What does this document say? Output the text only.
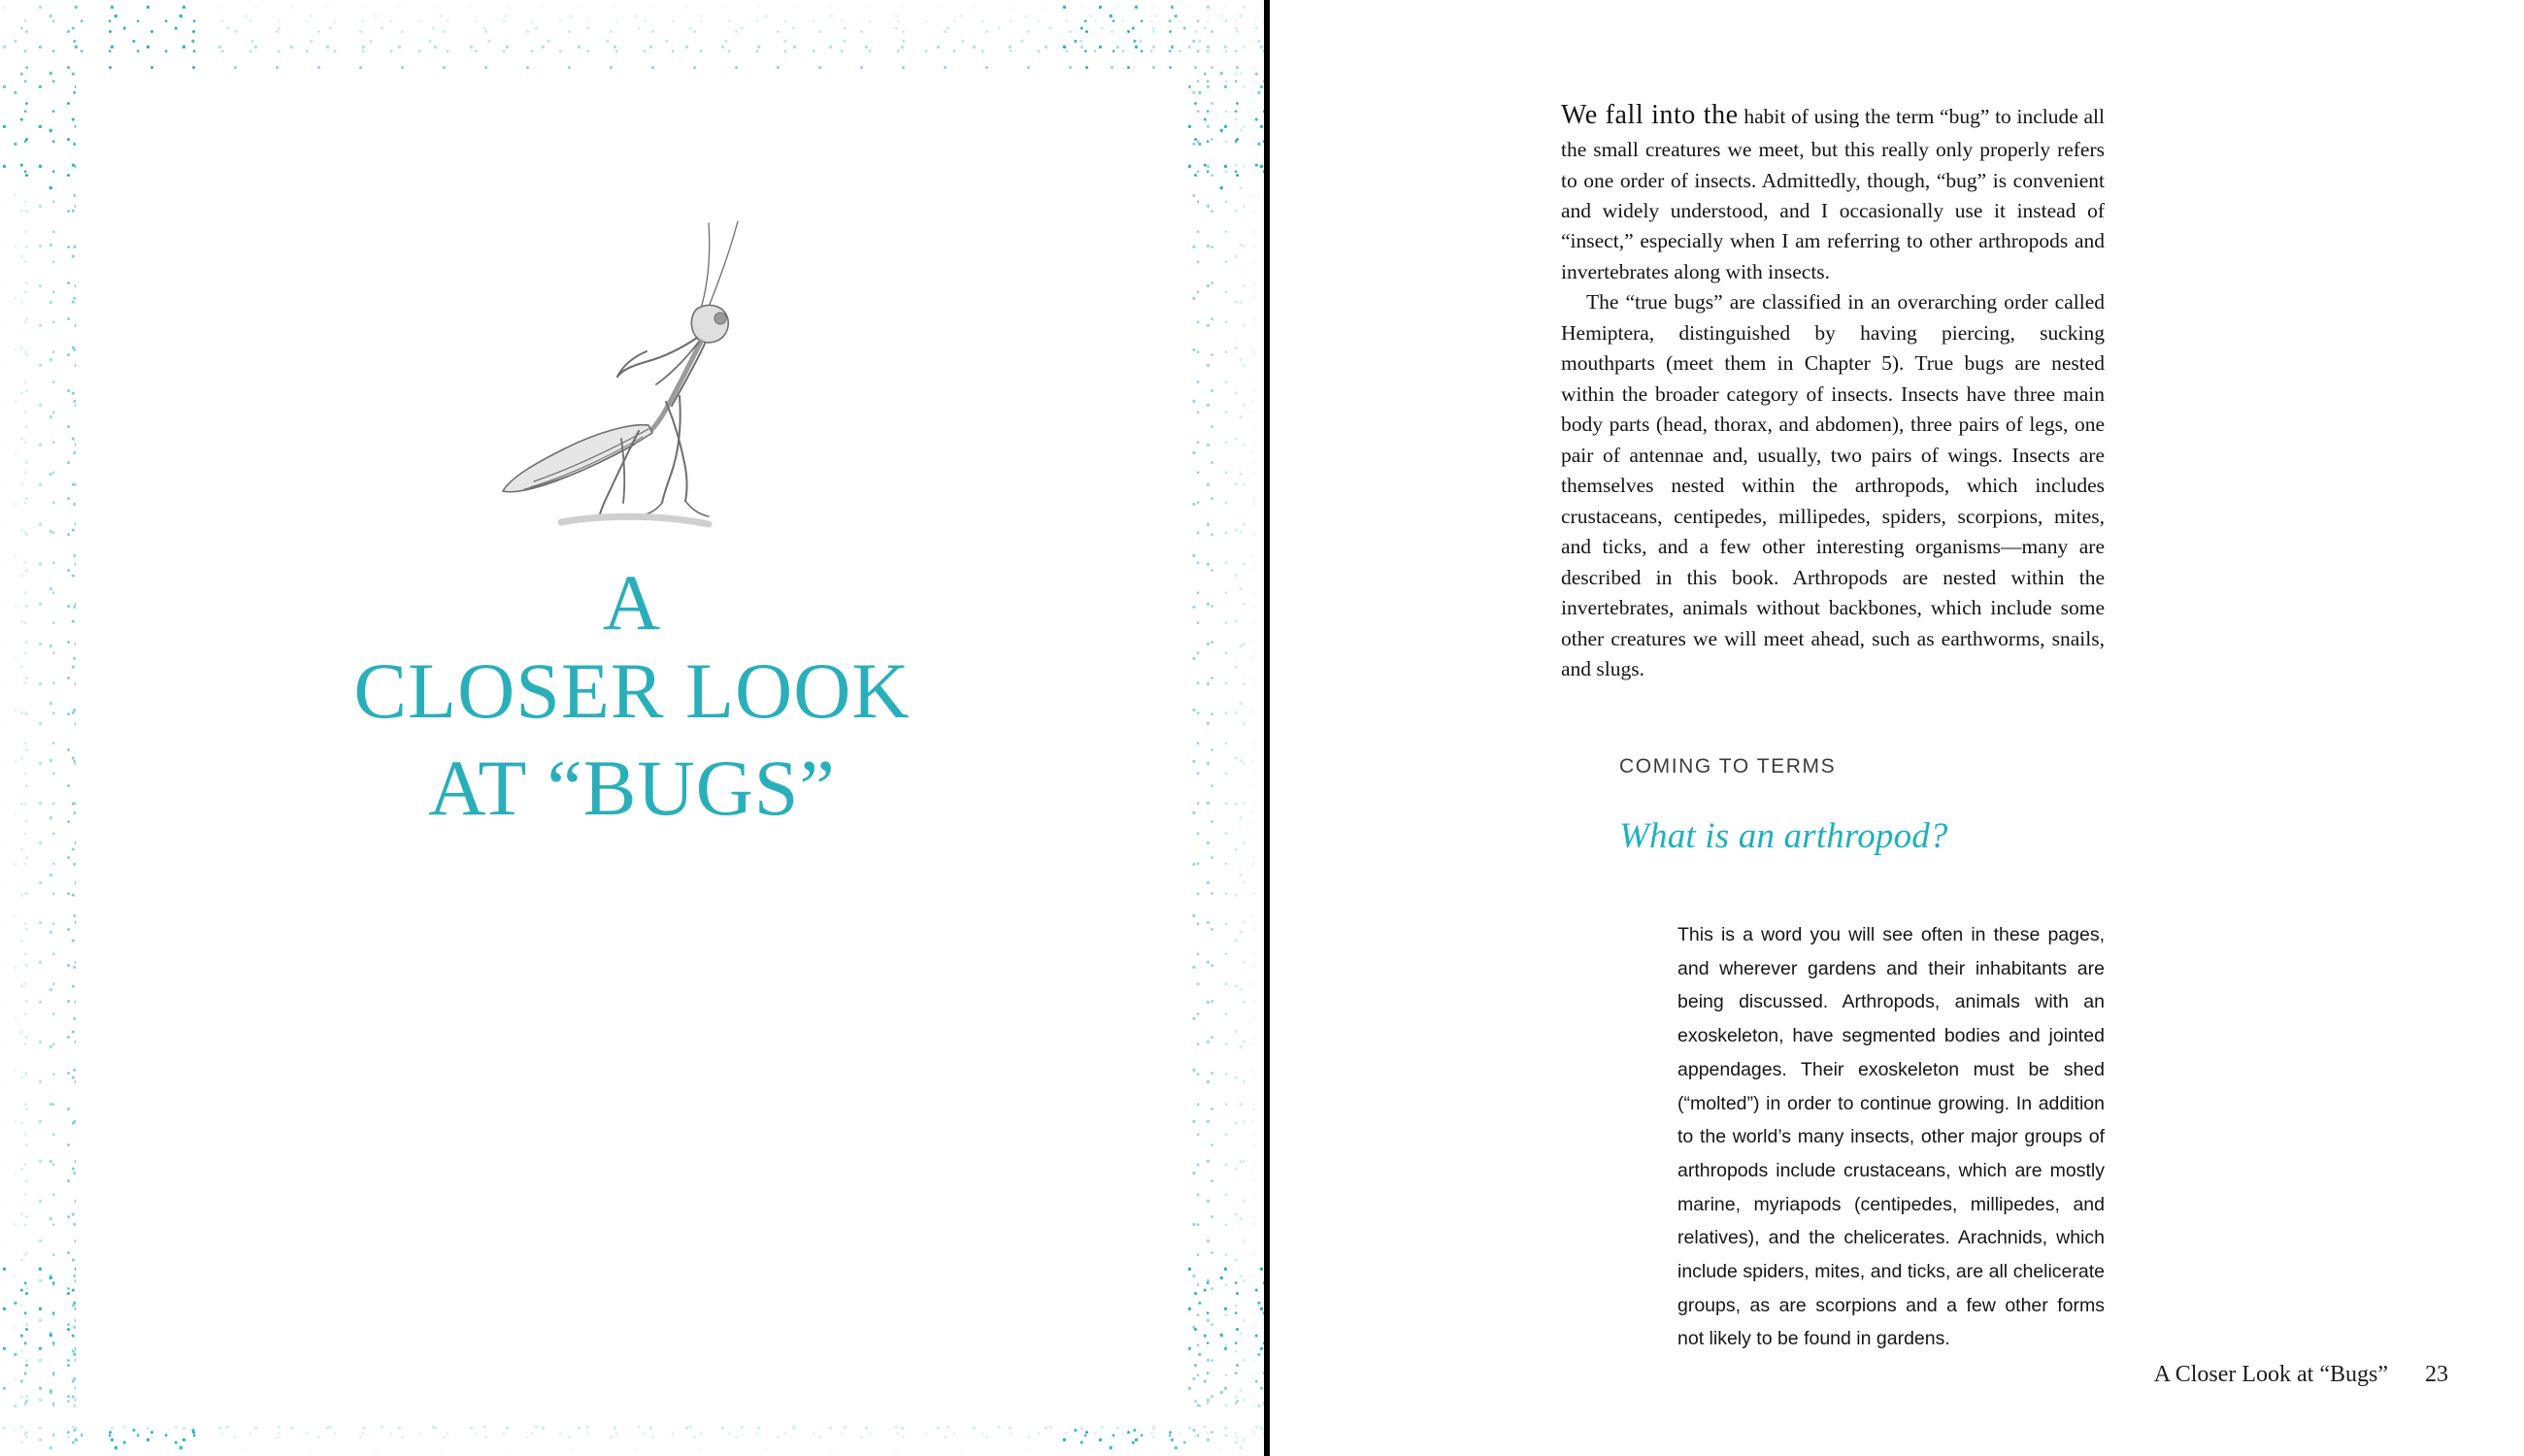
A
CLOSER LOOK
AT “BUGS”

We fall into the habit of using the term “bug” to include all the small creatures we meet, but this really only properly refers to one order of insects. Admittedly, though, “bug” is convenient and widely understood, and I occasionally use it instead of “insect,” especially when I am referring to other arthropods and invertebrates along with insects.

The “true bugs” are classified in an overarching order called Hemiptera, distinguished by having piercing, sucking mouthparts (meet them in Chapter 5). True bugs are nested within the broader category of insects. Insects have three main body parts (head, thorax, and abdomen), three pairs of legs, one pair of antennae and, usually, two pairs of wings. Insects are themselves nested within the arthropods, which includes crustaceans, centipedes, millipedes, spiders, scorpions, mites, and ticks, and a few other interesting organisms—many are described in this book. Arthropods are nested within the invertebrates, animals without backbones, which include some other creatures we will meet ahead, such as earthworms, snails, and slugs.

COMING TO TERMS
What is an arthropod?
This is a word you will see often in these pages, and wherever gardens and their inhabitants are being discussed. Arthropods, animals with an exoskeleton, have segmented bodies and jointed appendages. Their exoskeleton must be shed (“molted”) in order to continue growing. In addition to the world’s many insects, other major groups of arthropods include crustaceans, which are mostly marine, myriapods (centipedes, millipedes, and relatives), and the chelicerates. Arachnids, which include spiders, mites, and ticks, are all chelicerate groups, as are scorpions and a few other forms not likely to be found in gardens.
A Closer Look at “Bugs” 23
